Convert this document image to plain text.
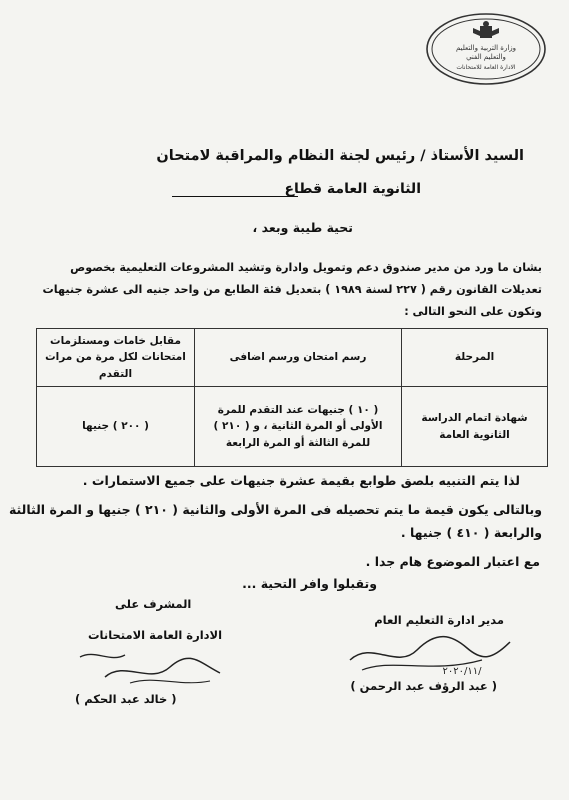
وزارة التربية والتعليم
والتعليم الفني
الادارة العامة للامتحانات
السيد الأستاذ / رئيس لجنة النظام والمراقبة لامتحان
الثانوية العامة قطاع
تحية طيبة وبعد ،
بشان ما ورد من مدير صندوق دعم وتمويل وادارة وتشيد المشروعات التعليمية بخصوص
تعديلات القانون رقم ( ٢٢٧ لسنة ١٩٨٩ ) بتعديل فئة الطابع من واحد جنيه الى عشرة جنيهات
وتكون على النحو التالى :
المرحلة	رسم امتحان ورسم اضافى	مقابل خامات ومستلزمات امتحانات لكل مرة من مرات التقدم
شهادة اتمام الدراسة الثانوية العامة	( ١٠ ) جنيهات عند التقدم للمرة الأولى أو المرة الثانية ، و ( ٢١٠ ) للمرة الثالثة أو المرة الرابعة	( ٢٠٠ ) جنيها
لذا يتم التنبيه بلصق طوابع بقيمة عشرة جنيهات على جميع الاستمارات .
وبالتالى يكون قيمة ما يتم تحصيله فى المرة الأولى والثانية ( ٢١٠ ) جنيها و المرة الثالثة
والرابعة ( ٤١٠ ) جنيها .
مع اعتبار الموضوع هام جدا .
وتقبلوا وافر التحية ...
مدير ادارة التعليم العام
٢٠٢٠/١١/
( عبد الرؤف عبد الرحمن )
المشرف على
الادارة العامة الامتحانات
( خالد عبد الحكم )
